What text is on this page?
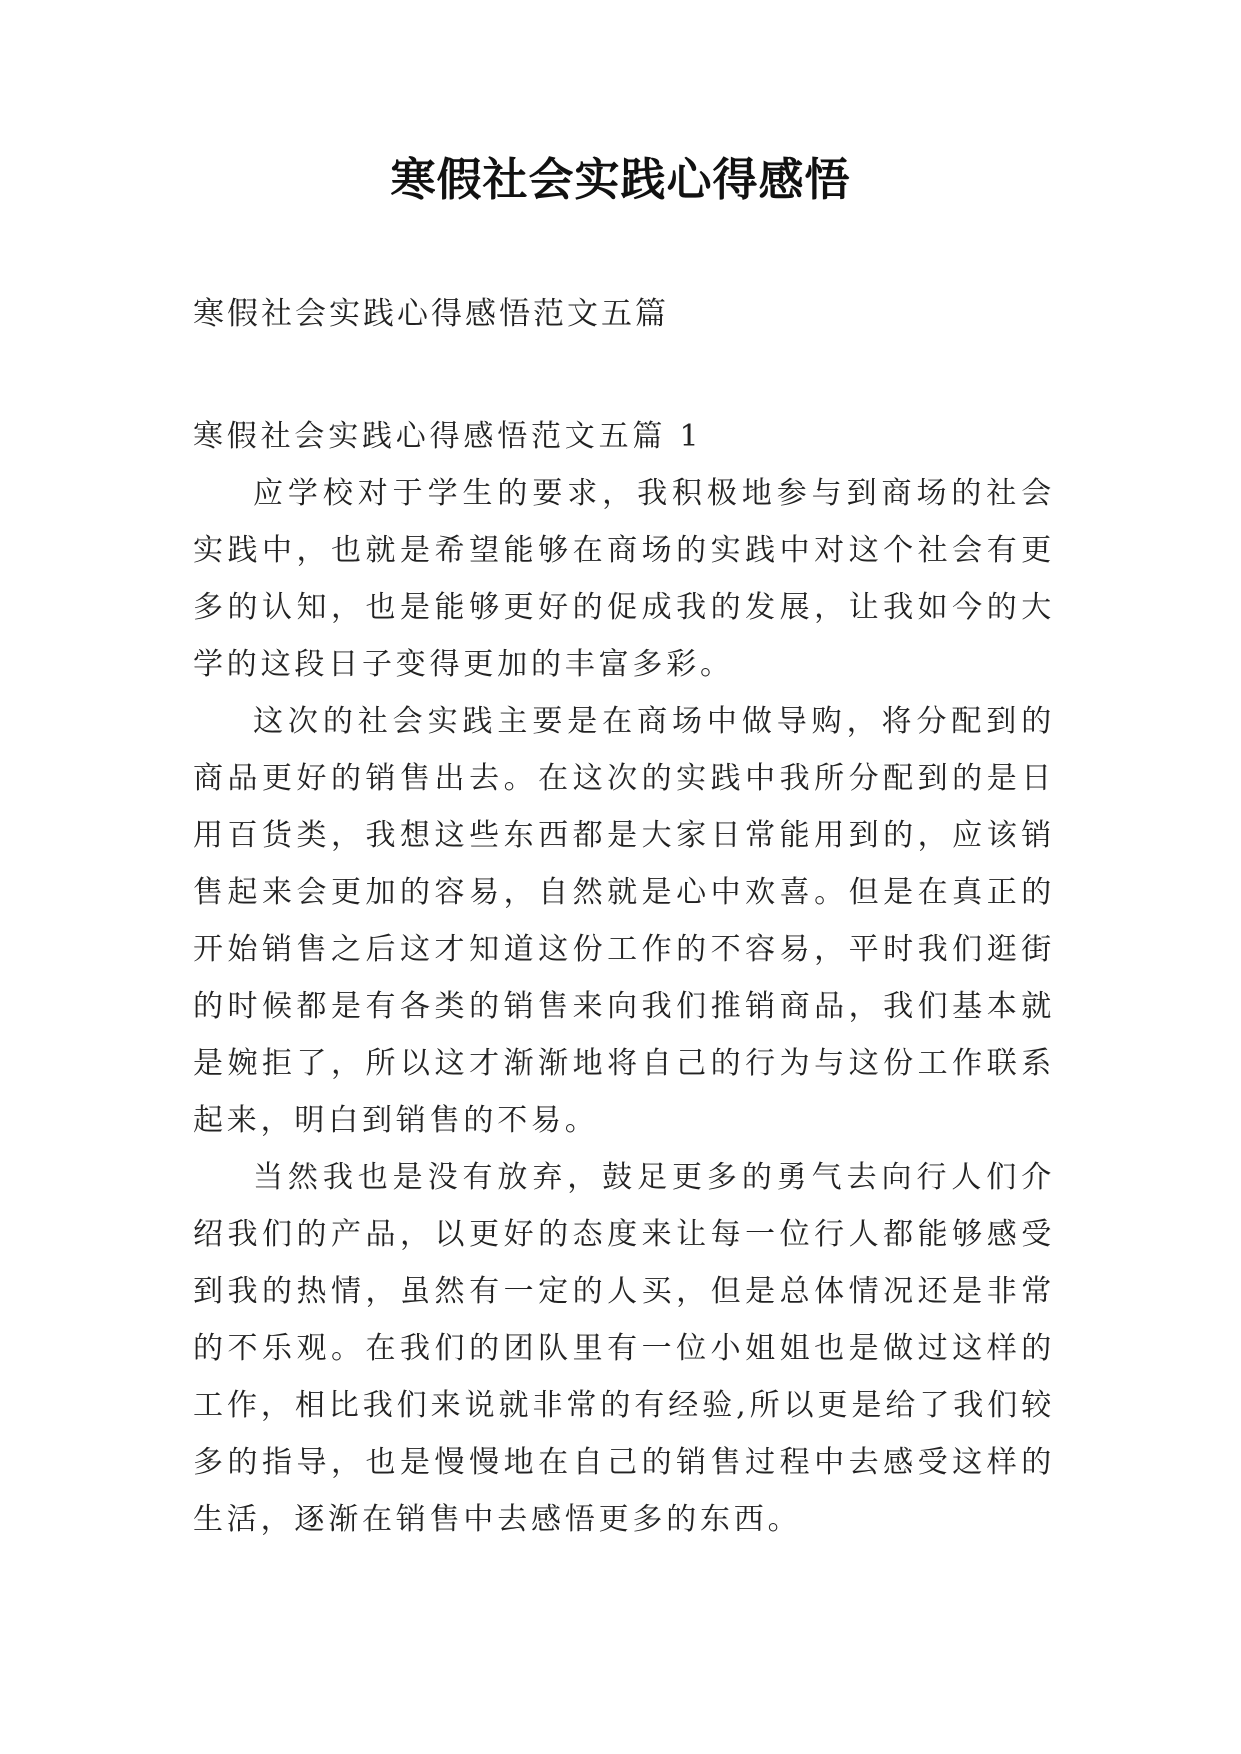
寒假社会实践心得感悟
寒假社会实践心得感悟范文五篇

寒假社会实践心得感悟范文五篇 1

应学校对于学生的要求，我积极地参与到商场的社会实践中，也就是希望能够在商场的实践中对这个社会有更多的认知，也是能够更好的促成我的发展，让我如今的大学的这段日子变得更加的丰富多彩。

这次的社会实践主要是在商场中做导购，将分配到的商品更好的销售出去。在这次的实践中我所分配到的是日用百货类，我想这些东西都是大家日常能用到的，应该销售起来会更加的容易，自然就是心中欢喜。但是在真正的开始销售之后这才知道这份工作的不容易，平时我们逛街的时候都是有各类的销售来向我们推销商品，我们基本就是婉拒了，所以这才渐渐地将自己的行为与这份工作联系起来，明白到销售的不易。

当然我也是没有放弃，鼓足更多的勇气去向行人们介绍我们的产品，以更好的态度来让每一位行人都能够感受到我的热情，虽然有一定的人买，但是总体情况还是非常的不乐观。在我们的团队里有一位小姐姐也是做过这样的工作，相比我们来说就非常的有经验,所以更是给了我们较多的指导，也是慢慢地在自己的销售过程中去感受这样的生活，逐渐在销售中去感悟更多的东西。
